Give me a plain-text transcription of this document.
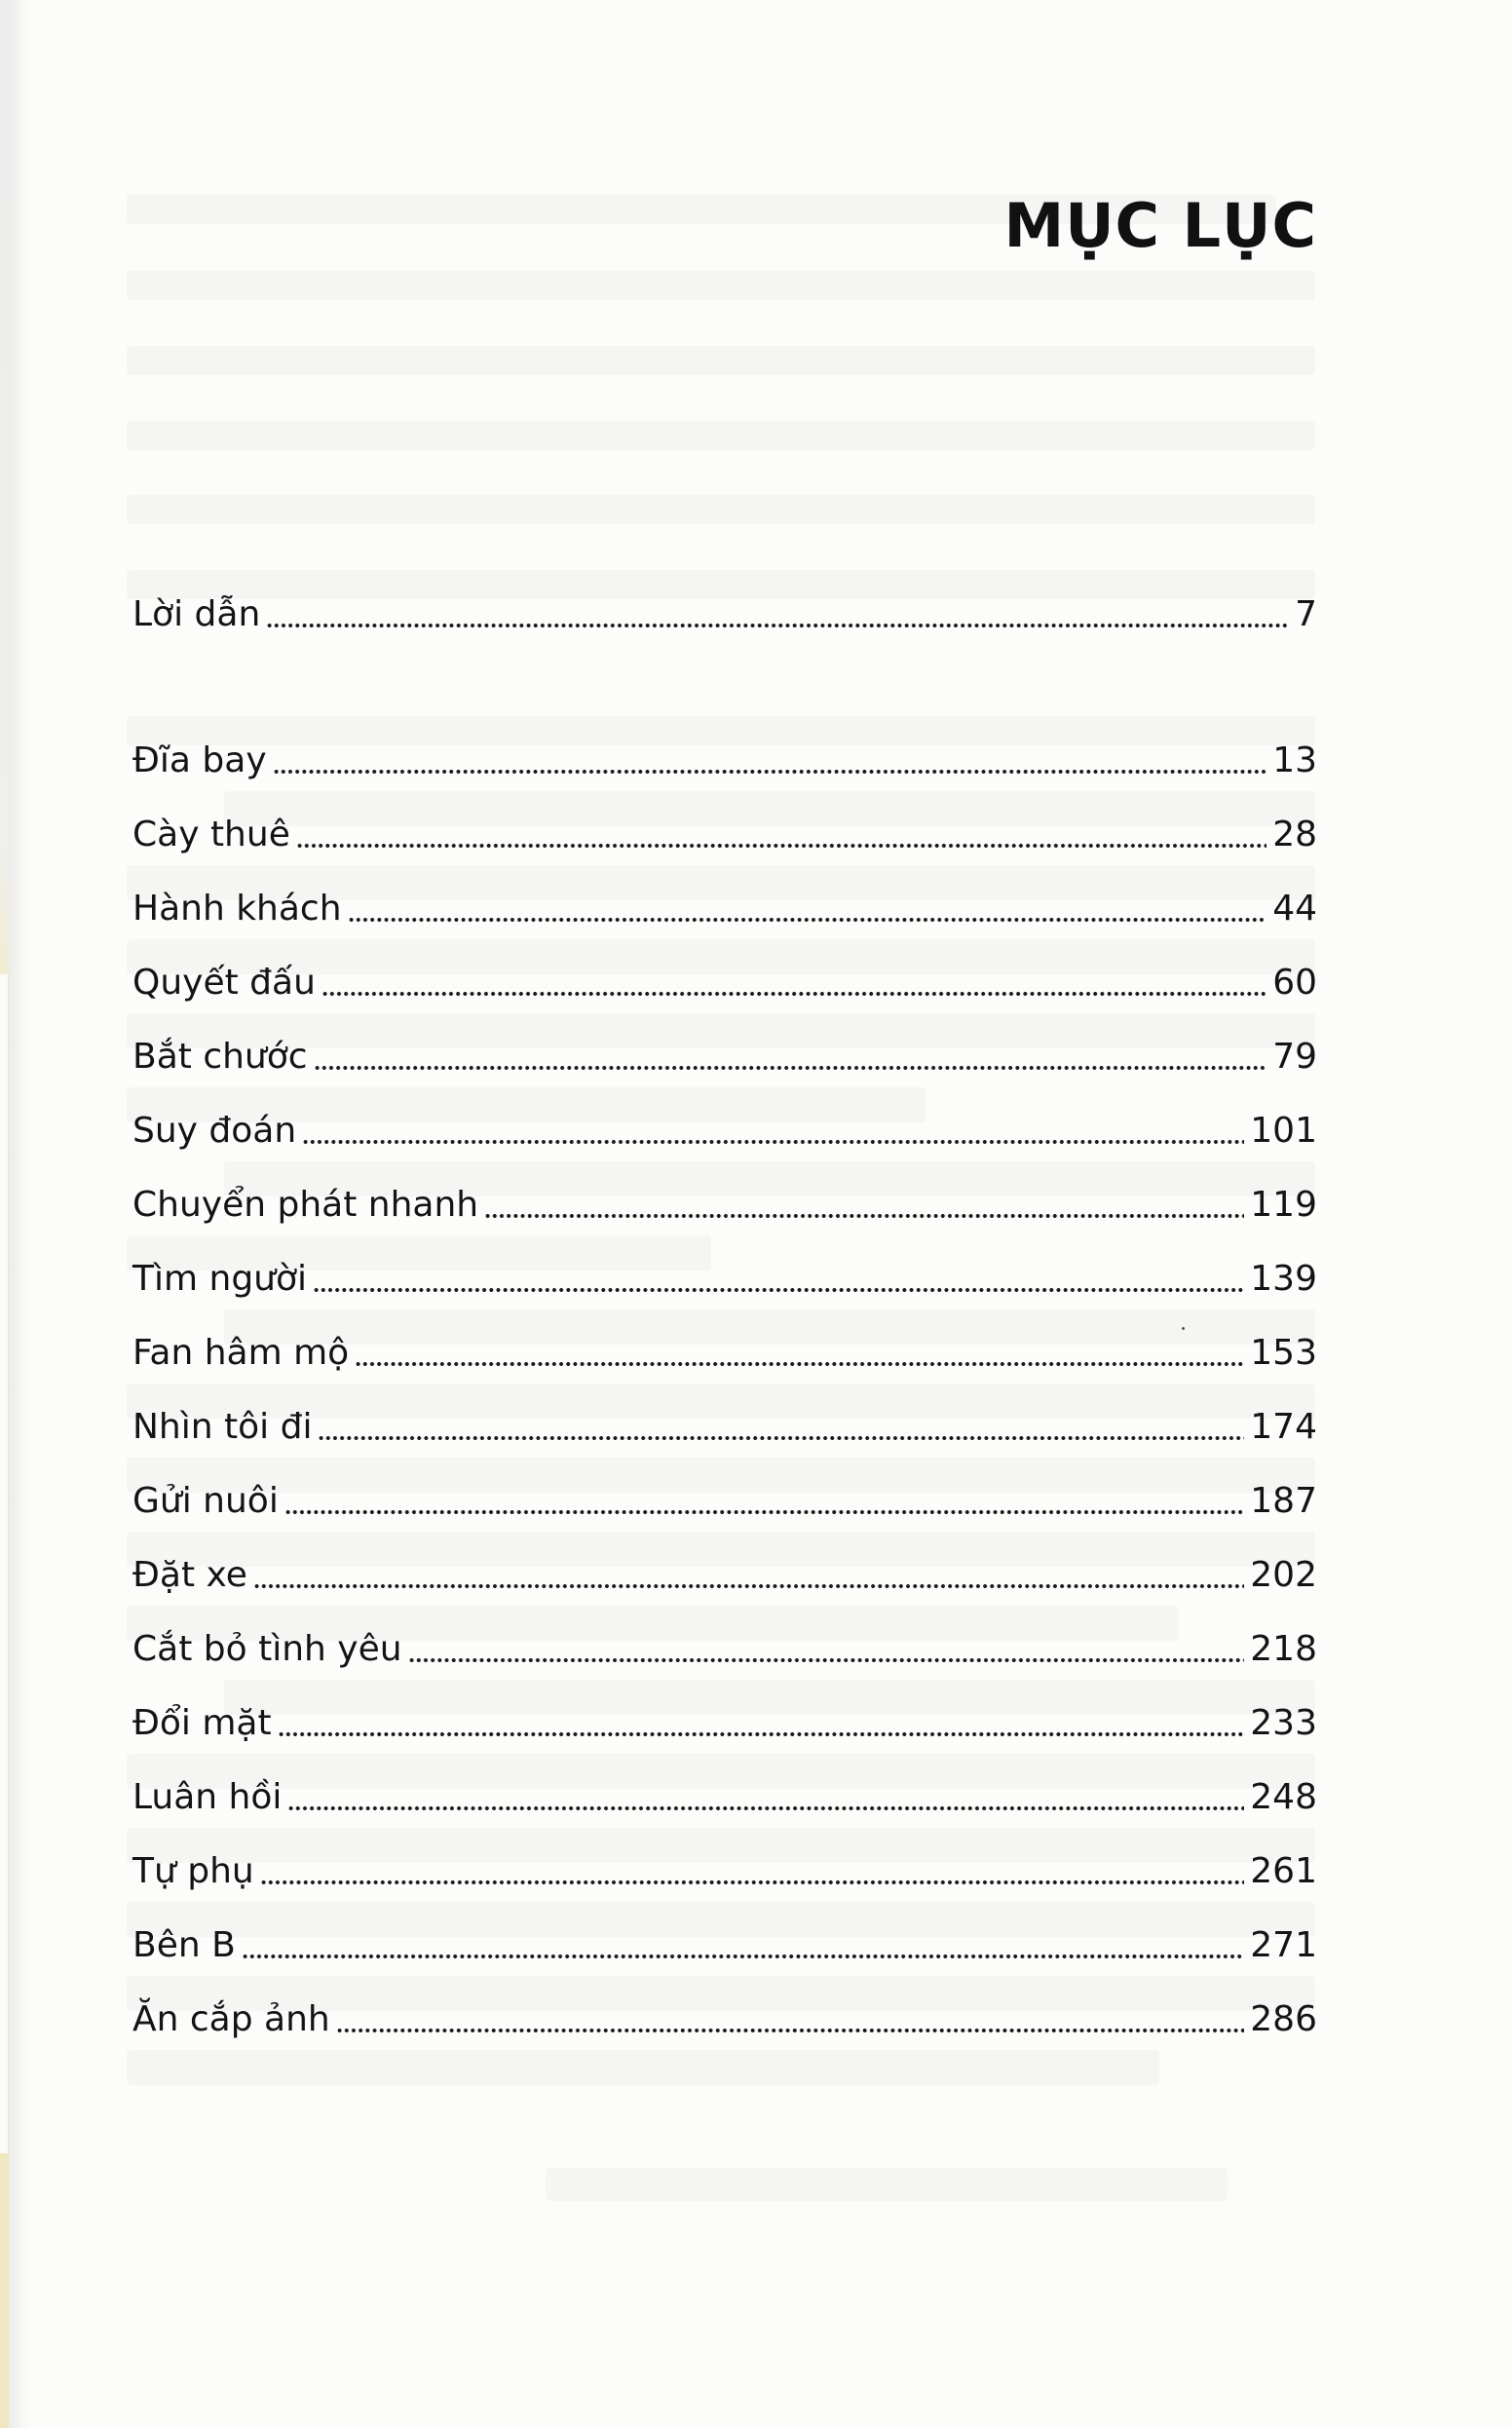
MỤC LỤC
Lời dẫn	7
Đĩa bay	13
Cày thuê	28
Hành khách	44
Quyết đấu	60
Bắt chước	79
Suy đoán	101
Chuyển phát nhanh	119
Tìm người	139
Fan hâm mộ	153
Nhìn tôi đi	174
Gửi nuôi	187
Đặt xe	202
Cắt bỏ tình yêu	218
Đổi mặt	233
Luân hồi	248
Tự phụ	261
Bên B	271
Ăn cắp ảnh	286
